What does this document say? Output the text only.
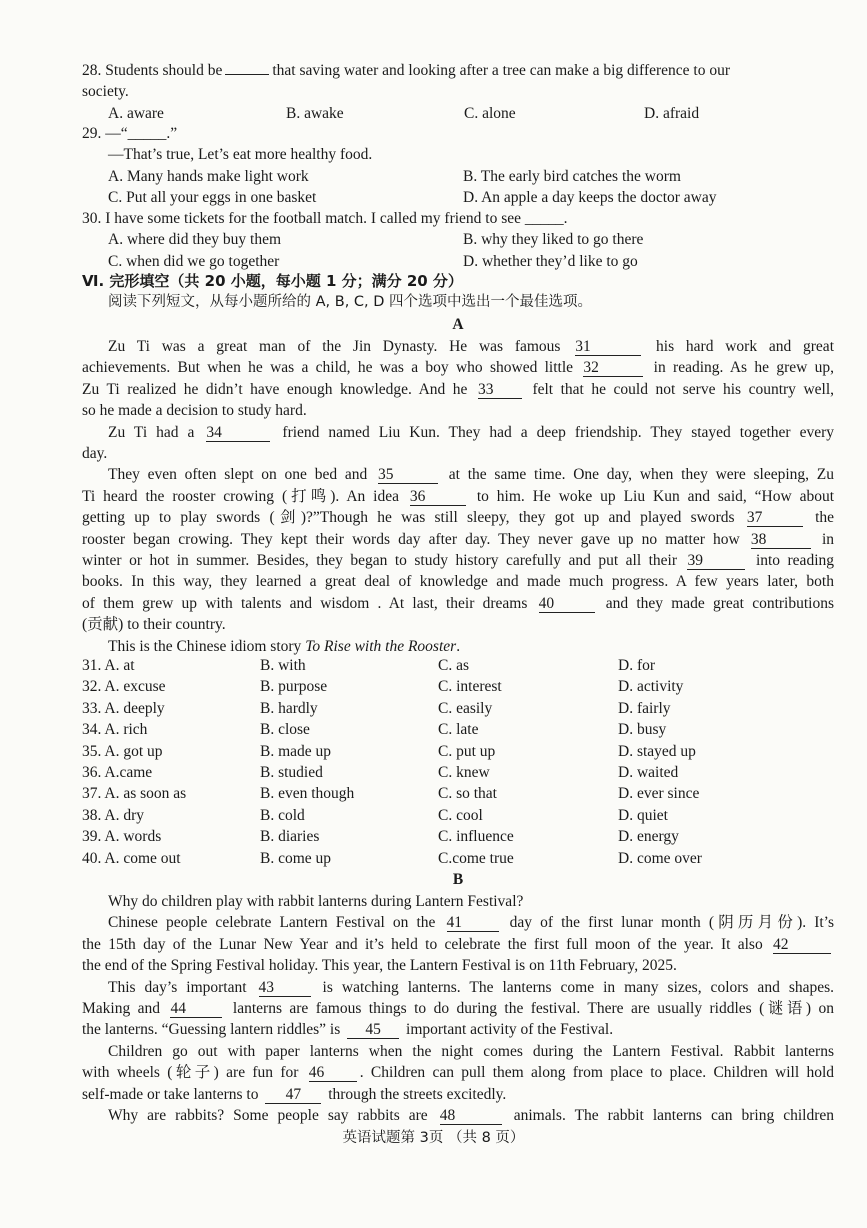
28. Students should be	that saving water and looking after a tree can make a big difference to our
society.
A. aware	B. awake	C. alone	D. afraid
29. —“_____.”
—That’s true, Let’s eat more healthy food.
A. Many hands make light work	B. The early bird catches the worm
C. Put all your eggs in one basket	D. An apple a day keeps the doctor away
30. I have some tickets for the football match. I called my friend to see _____.
A. where did they buy them	B. why they liked to go there
C. when did we go together	D. whether they’d like to go
Ⅵ. 完形填空（共 20 小题，每小题 1 分；满分 20 分）
阅读下列短文，从每小题所给的 A, B, C, D 四个选项中选出一个最佳选项。
A
Zu Ti was a great man of the Jin Dynasty. He was famous 31	his hard work and great
achievements. But when he was a child, he was a boy who showed little 32	in reading. As he grew up,
Zu Ti realized he didn’t have enough knowledge. And he 33	felt that he could not serve his country well,
so he made a decision to study hard.
Zu Ti had a 34	friend named Liu Kun. They had a deep friendship. They stayed together every
day.
They even often slept on one bed and 35	at the same time. One day, when they were sleeping, Zu
Ti heard the rooster crowing (打鸣). An idea 36	to him. He woke up Liu Kun and said, “How about
getting up to play swords (剑)?”Though he was still sleepy, they got up and played swords 37	the
rooster began crowing. They kept their words day after day. They never gave up no matter how 38	in
winter or hot in summer. Besides, they began to study history carefully and put all their 39	into reading
books. In this way, they learned a great deal of knowledge and made much progress. A few years later, both
of them grew up with talents and wisdom . At last, their dreams 40	and they made great contributions
(贡献) to their country.
This is the Chinese idiom story To Rise with the Rooster.
31. A. at	B. with	C. as	D. for
32. A. excuse	B. purpose	C. interest	D. activity
33. A. deeply	B. hardly	C. easily	D. fairly
34. A. rich	B. close	C. late	D. busy
35. A. got up	B. made up	C. put up	D. stayed up
36. A.came	B. studied	C. knew	D. waited
37. A. as soon as	B. even though	C. so that	D. ever since
38. A. dry	B. cold	C. cool	D. quiet
39. A. words	B. diaries	C. influence	D. energy
40. A. come out	B. come up	C.come true	D. come over
B
Why do children play with rabbit lanterns during Lantern Festival?
Chinese people celebrate Lantern Festival on the 41	day of the first lunar month (阴历月份). It’s
the 15th day of the Lunar New Year and it’s held to celebrate the first full moon of the year. It also 42
the end of the Spring Festival holiday. This year, the Lantern Festival is on 11th February, 2025.
This day’s important 43	is watching lanterns. The lanterns come in many sizes, colors and shapes.
Making and 44	lanterns are famous things to do during the festival. There are usually riddles (谜语) on
the lanterns. “Guessing lantern riddles” is 45 important activity of the Festival.
Children go out with paper lanterns when the night comes during the Lantern Festival. Rabbit lanterns
with wheels (轮子) are fun for 46 . Children can pull them along from place to place. Children will hold
self-made or take lanterns to 47 through the streets excitedly.
Why are rabbits? Some people say rabbits are 48	animals. The rabbit lanterns can bring children
英语试题第 3页 （共 8 页）
